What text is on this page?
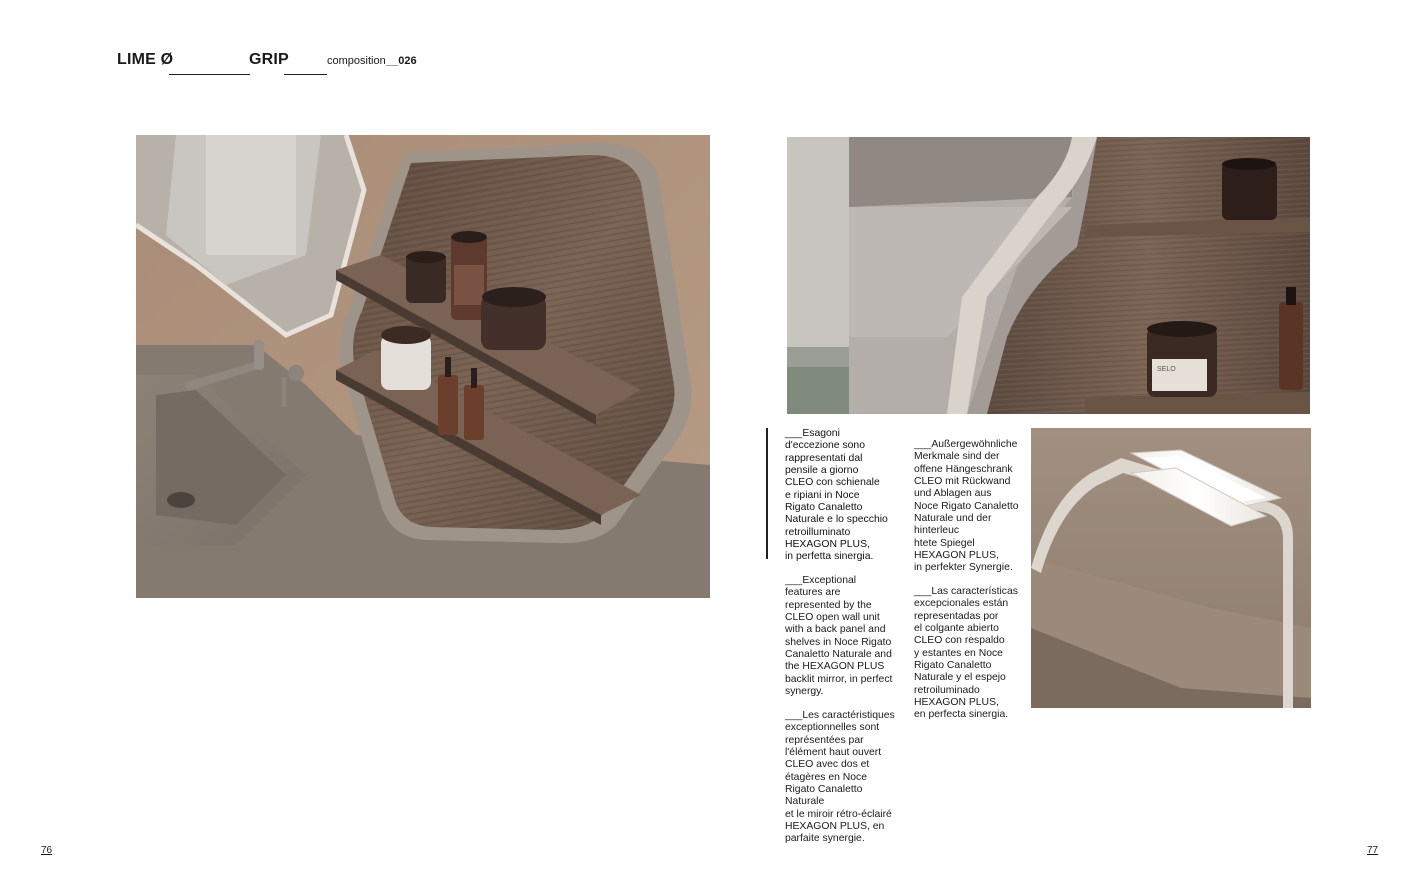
LIME Ø	GRIP	composition __026
SELO
___Esagoni
d'eccezione sono
rappresentati dal
pensile a giorno
CLEO con schienale
e ripiani in Noce
Rigato Canaletto
Naturale e lo specchio
retroilluminato
HEXAGON PLUS,
in perfetta sinergia.
___Exceptional
features are
represented by the
CLEO open wall unit
with a back panel and
shelves in Noce Rigato
Canaletto Naturale and
the HEXAGON PLUS
backlit mirror, in perfect
synergy.
___Les caractéristiques
exceptionnelles sont
représentées par
l'élément haut ouvert
CLEO avec dos et
étagères en Noce
Rigato Canaletto
Naturale
et le miroir rétro-éclairé
HEXAGON PLUS, en
parfaite synergie.
___Außergewöhnliche
Merkmale sind der
offene Hängeschrank
CLEO mit Rückwand
und Ablagen aus
Noce Rigato Canaletto
Naturale und der
hinterleuc
htete Spiegel
HEXAGON PLUS,
in perfekter Synergie.
___Las características
excepcionales están
representadas por
el colgante abierto
CLEO con respaldo
y estantes en Noce
Rigato Canaletto
Naturale y el espejo
retroiluminado
HEXAGON PLUS,
en perfecta sinergia.
76	77
